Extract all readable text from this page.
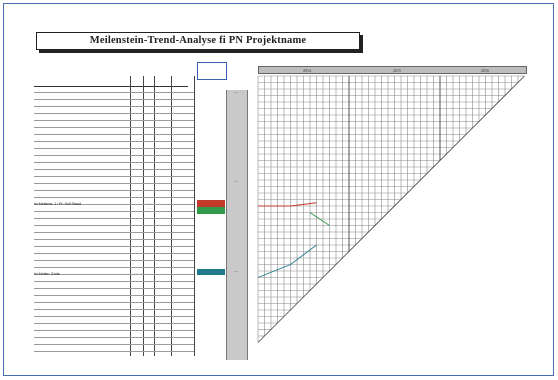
Meilenstein-Trend-Analyse fi PN Projektname
Ist Meilenst. 1 / Pr. Soll Stand
Ist Meilen. Ende
· · ·
· · ·
· · · ·
—
—
—
2014	2015	2016
